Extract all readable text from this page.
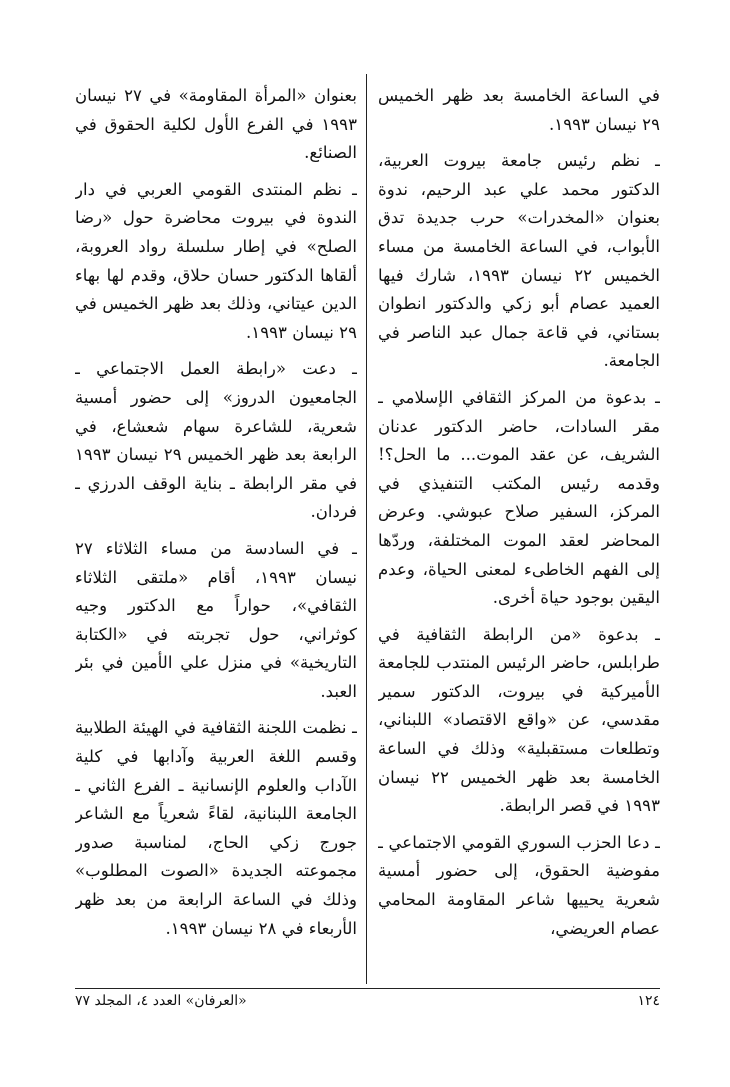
في الساعة الخامسة بعد ظهر الخميس ٢٩ نيسان ١٩٩٣.

ـ نظم رئيس جامعة بيروت العربية، الدكتور محمد علي عبد الرحيم، ندوة بعنوان «المخدرات» حرب جديدة تدق الأبواب، في الساعة الخامسة من مساء الخميس ٢٢ نيسان ١٩٩٣، شارك فيها العميد عصام أبو زكي والدكتور انطوان بستاني، في قاعة جمال عبد الناصر في الجامعة.

ـ بدعوة من المركز الثقافي الإسلامي ـ مقر السادات، حاضر الدكتور عدنان الشريف، عن عقد الموت... ما الحل؟! وقدمه رئيس المكتب التنفيذي في المركز، السفير صلاح عبوشي. وعرض المحاضر لعقد الموت المختلفة، وردّها إلى الفهم الخاطىء لمعنى الحياة، وعدم اليقين بوجود حياة أخرى.

ـ بدعوة «من الرابطة الثقافية في طرابلس، حاضر الرئيس المنتدب للجامعة الأميركية في بيروت، الدكتور سمير مقدسي، عن «واقع الاقتصاد» اللبناني، وتطلعات مستقبلية» وذلك في الساعة الخامسة بعد ظهر الخميس ٢٢ نيسان ١٩٩٣ في قصر الرابطة.

ـ دعا الحزب السوري القومي الاجتماعي ـ مفوضية الحقوق، إلى حضور أمسية شعرية يحييها شاعر المقاومة المحامي عصام العريضي،

بعنوان «المرأة المقاومة» في ٢٧ نيسان ١٩٩٣ في الفرع الأول لكلية الحقوق في الصنائع.

ـ نظم المنتدى القومي العربي في دار الندوة في بيروت محاضرة حول «رضا الصلح» في إطار سلسلة رواد العروبة، ألقاها الدكتور حسان حلاق، وقدم لها بهاء الدين عيتاني، وذلك بعد ظهر الخميس في ٢٩ نيسان ١٩٩٣.

ـ دعت «رابطة العمل الاجتماعي ـ الجامعيون الدروز» إلى حضور أمسية شعرية، للشاعرة سهام شعشاع، في الرابعة بعد ظهر الخميس ٢٩ نيسان ١٩٩٣ في مقر الرابطة ـ بناية الوقف الدرزي ـ فردان.

ـ في السادسة من مساء الثلاثاء ٢٧ نيسان ١٩٩٣، أقام «ملتقى الثلاثاء الثقافي»، حواراً مع الدكتور وجيه كوثراني، حول تجربته في «الكتابة التاريخية» في منزل علي الأمين في بئر العبد.

ـ نظمت اللجنة الثقافية في الهيئة الطلابية وقسم اللغة العربية وآدابها في كلية الآداب والعلوم الإنسانية ـ الفرع الثاني ـ الجامعة اللبنانية، لقاءً شعرياً مع الشاعر جورج زكي الحاج، لمناسبة صدور مجموعته الجديدة «الصوت المطلوب» وذلك في الساعة الرابعة من بعد ظهر الأربعاء في ٢٨ نيسان ١٩٩٣.

١٢٤
«العرفان» العدد ٤، المجلد ٧٧
